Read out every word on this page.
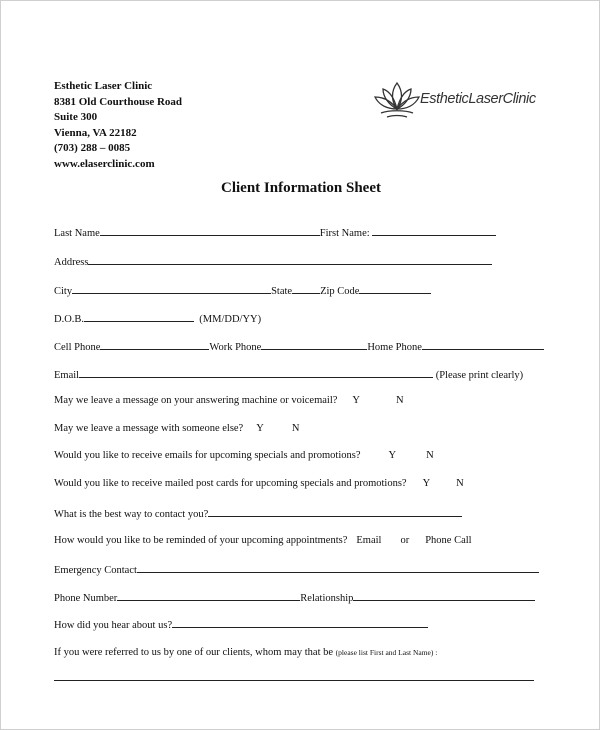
Esthetic Laser Clinic
8381 Old Courthouse Road
Suite 300
Vienna, VA 22182
(703) 288 – 0085
www.elaserclinic.com
EstheticLaserClinic
Client Information Sheet
Last Name	First Name:
Address
City	State	Zip Code
D.O.B.	(MM/DD/YY)
Cell Phone	Work Phone	Home Phone
Email	(Please print clearly)
May we leave a message on your answering machine or voicemail? Y	N
May we leave a message with someone else? Y	N
Would you like to receive emails for upcoming specials and promotions?	Y	N
Would you like to receive mailed post cards for upcoming specials and promotions? Y N
What is the best way to contact you?
How would you like to be reminded of your upcoming appointments? Email or Phone Call
Emergency Contact
Phone Number	Relationship
How did you hear about us?
If you were referred to us by one of our clients, whom may that be (please list First and Last Name) :
